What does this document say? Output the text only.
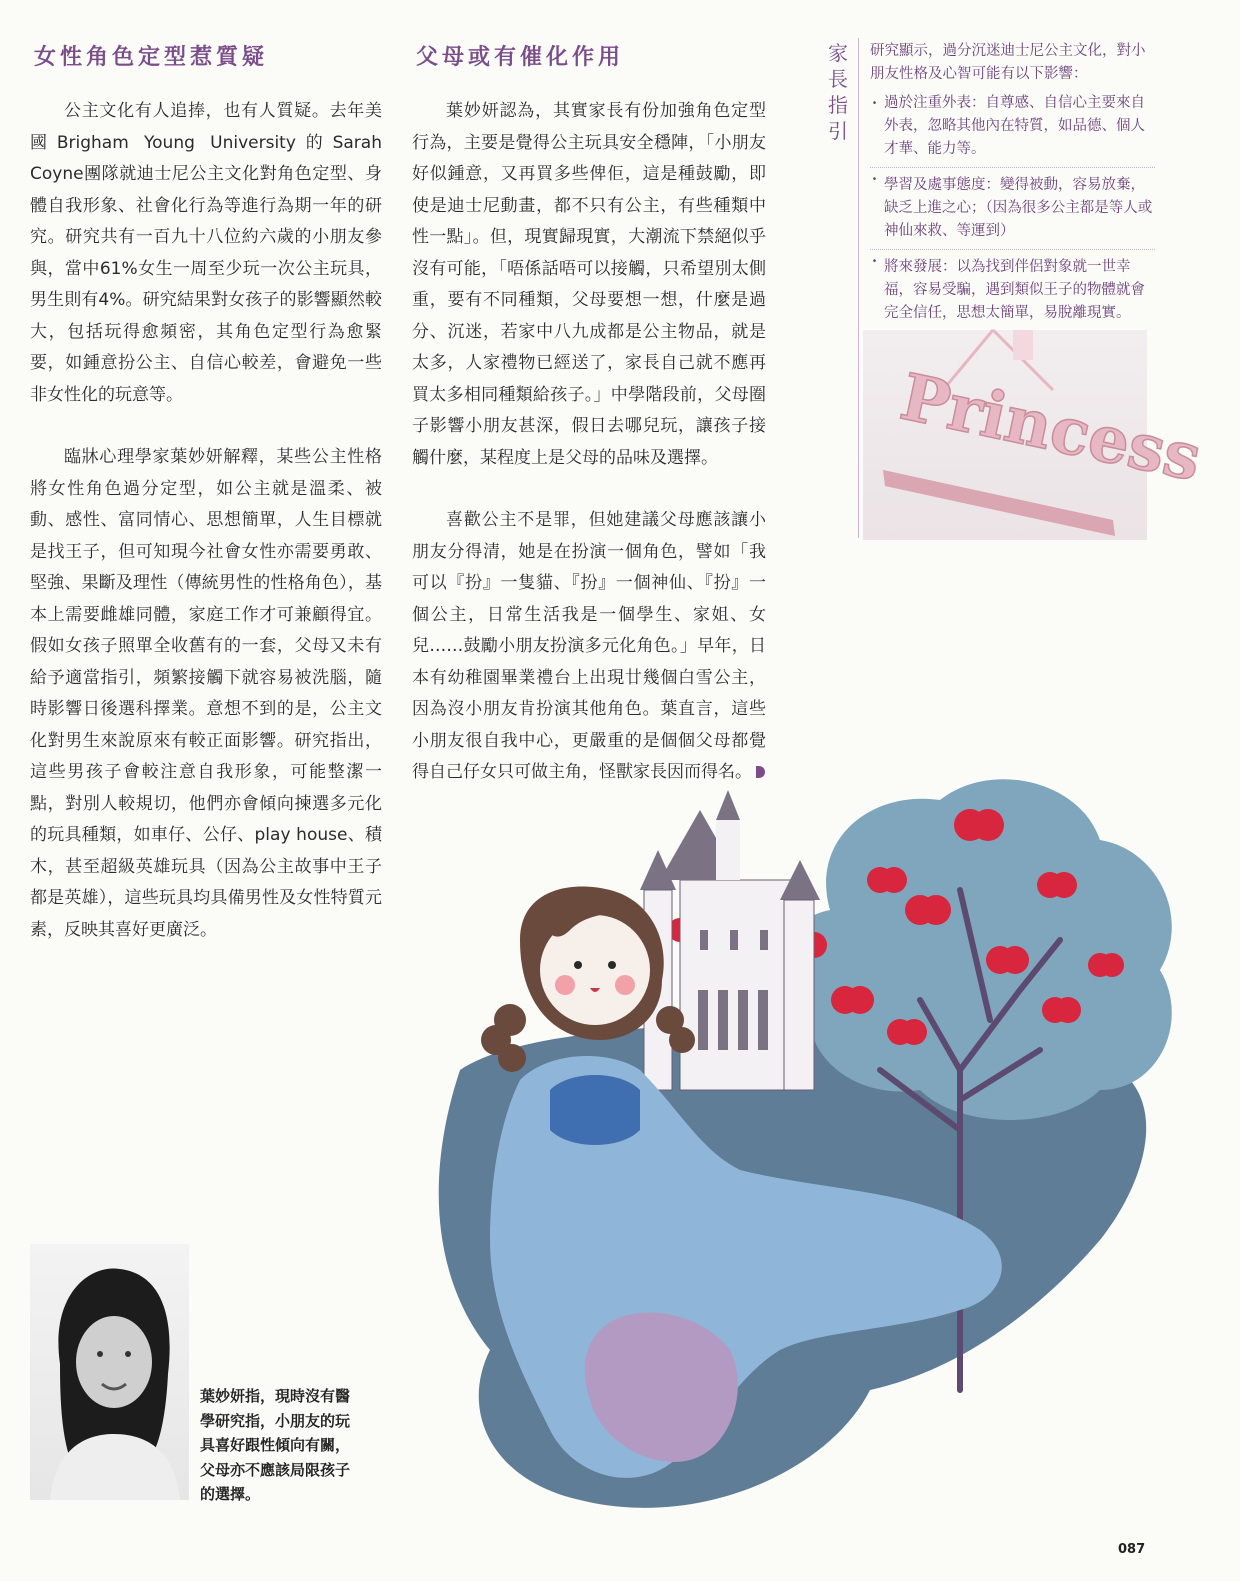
女性角色定型惹質疑

公主文化有人追捧，也有人質疑。去年美國Brigham Young University的Sarah Coyne團隊就迪士尼公主文化對角色定型、身體自我形象、社會化行為等進行為期一年的研究。研究共有一百九十八位約六歲的小朋友參與，當中61%女生一周至少玩一次公主玩具，男生則有4%。研究結果對女孩子的影響顯然較大，包括玩得愈頻密，其角色定型行為愈緊要，如鍾意扮公主、自信心較差，會避免一些非女性化的玩意等。

臨牀心理學家葉妙妍解釋，某些公主性格將女性角色過分定型，如公主就是溫柔、被動、感性、富同情心、思想簡單，人生目標就是找王子，但可知現今社會女性亦需要勇敢、堅強、果斷及理性（傳統男性的性格角色），基本上需要雌雄同體，家庭工作才可兼顧得宜。假如女孩子照單全收舊有的一套，父母又未有給予適當指引，頻繁接觸下就容易被洗腦，隨時影響日後選科擇業。意想不到的是，公主文化對男生來說原來有較正面影響。研究指出，這些男孩子會較注意自我形象，可能整潔一點，對別人較規切，他們亦會傾向揀選多元化的玩具種類，如車仔、公仔、play house、積木，甚至超級英雄玩具（因為公主故事中王子都是英雄），這些玩具均具備男性及女性特質元素，反映其喜好更廣泛。

父母或有催化作用

葉妙妍認為，其實家長有份加強角色定型行為，主要是覺得公主玩具安全穩陣，「小朋友好似鍾意，又再買多些俾佢，這是種鼓勵，即使是迪士尼動畫，都不只有公主，有些種類中性一點」。但，現實歸現實，大潮流下禁絕似乎沒有可能，「唔係話唔可以接觸，只希望別太側重，要有不同種類，父母要想一想，什麼是過分、沉迷，若家中八九成都是公主物品，就是太多，人家禮物已經送了，家長自己就不應再買太多相同種類給孩子。」中學階段前，父母圈子影響小朋友甚深，假日去哪兒玩，讓孩子接觸什麼，某程度上是父母的品味及選擇。

喜歡公主不是罪，但她建議父母應該讓小朋友分得清，她是在扮演一個角色，譬如「我可以『扮』一隻貓、『扮』一個神仙、『扮』一個公主，日常生活我是一個學生、家姐、女兒……鼓勵小朋友扮演多元化角色。」早年，日本有幼稚園畢業禮台上出現廿幾個白雪公主，因為沒小朋友肯扮演其他角色。葉直言，這些小朋友很自我中心，更嚴重的是個個父母都覺得自己仔女只可做主角，怪獸家長因而得名。

家長指引

研究顯示，過分沉迷迪士尼公主文化，對小朋友性格及心智可能有以下影響：

· 過於注重外表：自尊感、自信心主要來自外表，忽略其他內在特質，如品德、個人才華、能力等。
· 學習及處事態度：變得被動，容易放棄，缺乏上進之心；（因為很多公主都是等人或神仙來救、等運到）
· 將來發展：以為找到伴侶對象就一世幸福，容易受騙，遇到類似王子的物體就會完全信任，思想太簡單，易脫離現實。
Princess
葉妙妍指，現時沒有醫學研究指，小朋友的玩具喜好跟性傾向有關，父母亦不應該局限孩子的選擇。
087
